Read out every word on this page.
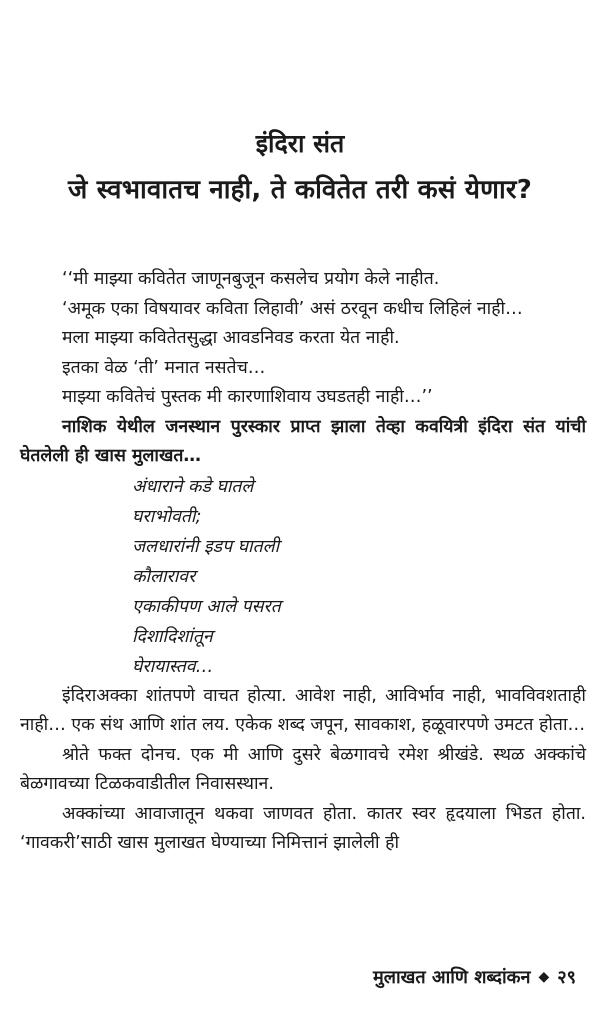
इंदिरा संत
जे स्वभावातच नाही, ते कवितेत तरी कसं येणार?

‘‘मी माझ्या कवितेत जाणूनबुजून कसलेच प्रयोग केले नाहीत.

‘अमूक एका विषयावर कविता लिहावी’ असं ठरवून कधीच लिहिलं नाही…

मला माझ्या कवितेतसुद्धा आवडनिवड करता येत नाही.

इतका वेळ ‘ती’ मनात नसतेच…

माझ्या कवितेचं पुस्तक मी कारणाशिवाय उघडतही नाही…’’

नाशिक येथील जनस्थान पुरस्कार प्राप्त झाला तेव्हा कवयित्री इंदिरा संत यांची घेतलेली ही खास मुलाखत…

अंधाराने कडे घातले
घराभोवती;
जलधारांनी इडप घातली
कौलारावर
एकाकीपण आले पसरत
दिशादिशांतून
घेरायास्तव…

इंदिराअक्का शांतपणे वाचत होत्या. आवेश नाही, आविर्भाव नाही, भावविवशताही नाही… एक संथ आणि शांत लय. एकेक शब्द जपून, सावकाश, हळूवारपणे उमटत होता…

श्रोते फक्त दोनच. एक मी आणि दुसरे बेळगावचे रमेश श्रीखंडे. स्थळ अक्कांचे बेळगावच्या टिळकवाडीतील निवासस्थान.

अक्कांच्या आवाजातून थकवा जाणवत होता. कातर स्वर हृदयाला भिडत होता. ‘गावकरी’साठी खास मुलाखत घेण्याच्या निमित्तानं झालेली ही

मुलाखत आणि शब्दांकन ◆ २९
